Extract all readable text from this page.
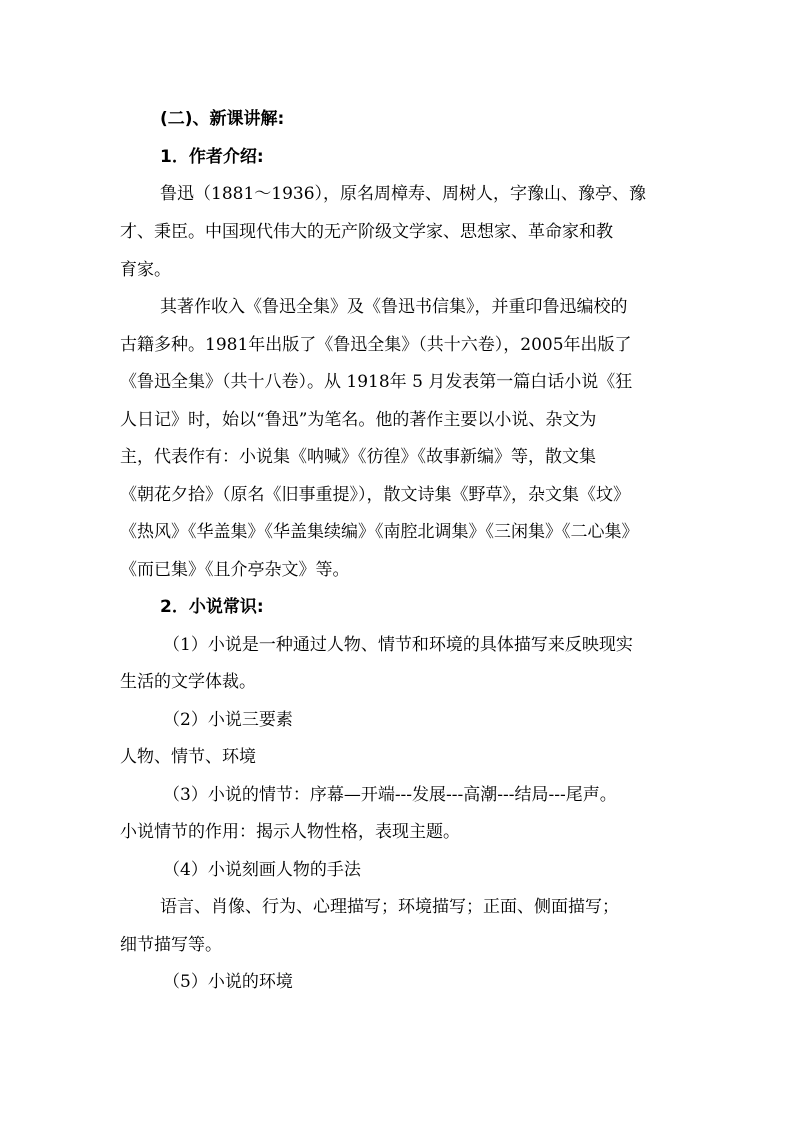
(二)、新课讲解:
1．作者介绍:
鲁迅（1881～1936），原名周樟寿、周树人，字豫山、豫亭、豫
才、秉臣。中国现代伟大的无产阶级文学家、思想家、革命家和教
育家。
其著作收入《鲁迅全集》及《鲁迅书信集》，并重印鲁迅编校的
古籍多种。1981年出版了《鲁迅全集》（共十六卷），2005年出版了
《鲁迅全集》（共十八卷）。从 1918年 5 月发表第一篇白话小说《狂
人日记》时，始以“鲁迅”为笔名。他的著作主要以小说、杂文为
主，代表作有：小说集《呐喊》《彷徨》《故事新编》等，散文集
《朝花夕拾》（原名《旧事重提》），散文诗集《野草》，杂文集《坟》
《热风》《华盖集》《华盖集续编》《南腔北调集》《三闲集》《二心集》
《而已集》《且介亭杂文》等。
2．小说常识:
（1）小说是一种通过人物、情节和环境的具体描写来反映现实
生活的文学体裁。
（2）小说三要素
人物、情节、环境
（3）小说的情节：序幕—开端---发展---高潮---结局---尾声。
小说情节的作用：揭示人物性格，表现主题。
（4）小说刻画人物的手法
语言、肖像、行为、心理描写；环境描写；正面、侧面描写；
细节描写等。
（5）小说的环境
